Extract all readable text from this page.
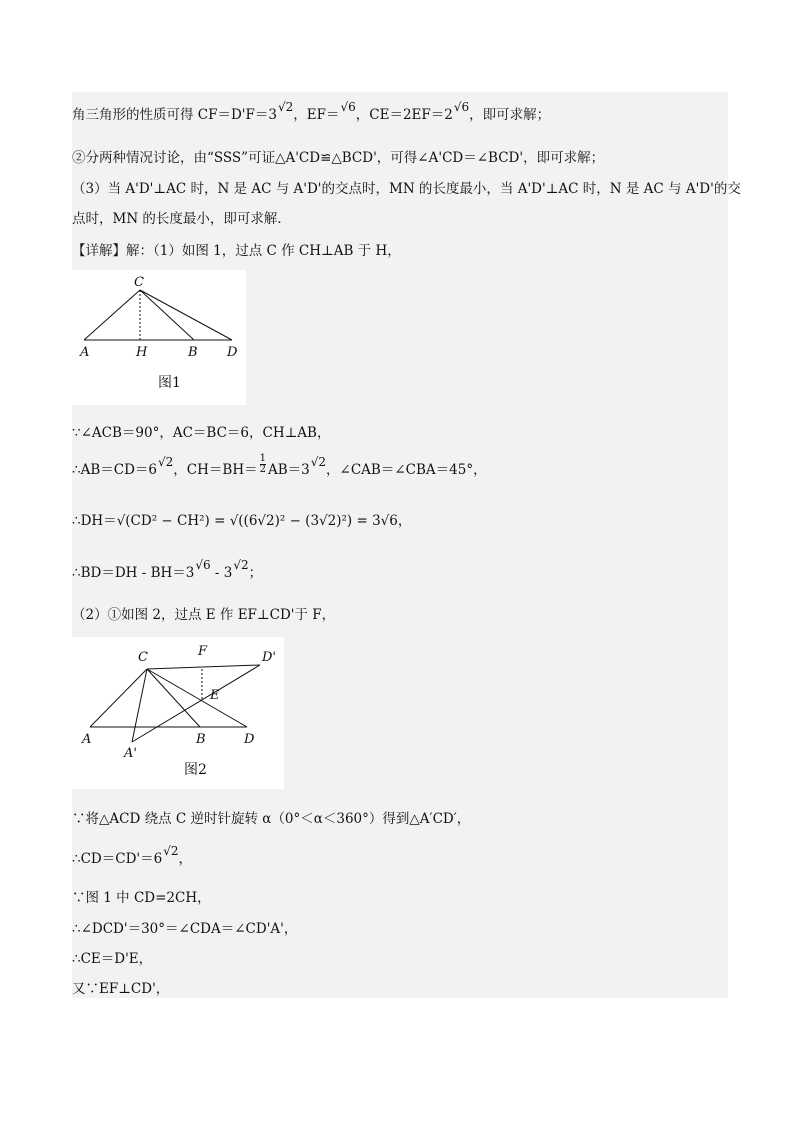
角三角形的性质可得 CF＝D'F＝3√2，EF＝√6，CE＝2EF＝2√6，即可求解；
②分两种情况讨论，由“SSS”可证△A'CD≌△BCD'，可得∠A'CD＝∠BCD'，即可求解；
（3）当 A'D'⊥AC 时，N 是 AC 与 A'D'的交点时，MN 的长度最小，当 A'D'⊥AC 时，N 是 AC 与 A'D'的交
点时，MN 的长度最小，即可求解．
【详解】解：（1）如图 1，过点 C 作 CH⊥AB 于 H，
C
A	H	B D
图1
∵∠ACB＝90°，AC＝BC＝6，CH⊥AB，
∴AB＝CD＝6√2，$CH=BH= \frac{1}{2} AB=3√2$，∠CAB＝∠CBA＝45°，
∴DH＝√(CD² − CH²) = √((6√2)² − (3√2)²) = 3√6，
∴BD＝DH - BH＝3√6 - 3√2；
（2）①如图 2，过点 E 作 EF⊥CD'于 F，
C	F	D'
E
A	B	D
A'
图2
∵将△ACD 绕点 C 逆时针旋转 α（0°＜α＜360°）得到△A′CD′，
∴CD＝CD'＝6√2，
∵图 1 中 CD=2CH，
∴∠DCD'＝30°＝∠CDA＝∠CD'A'，
∴CE＝D'E，
又∵EF⊥CD'，
